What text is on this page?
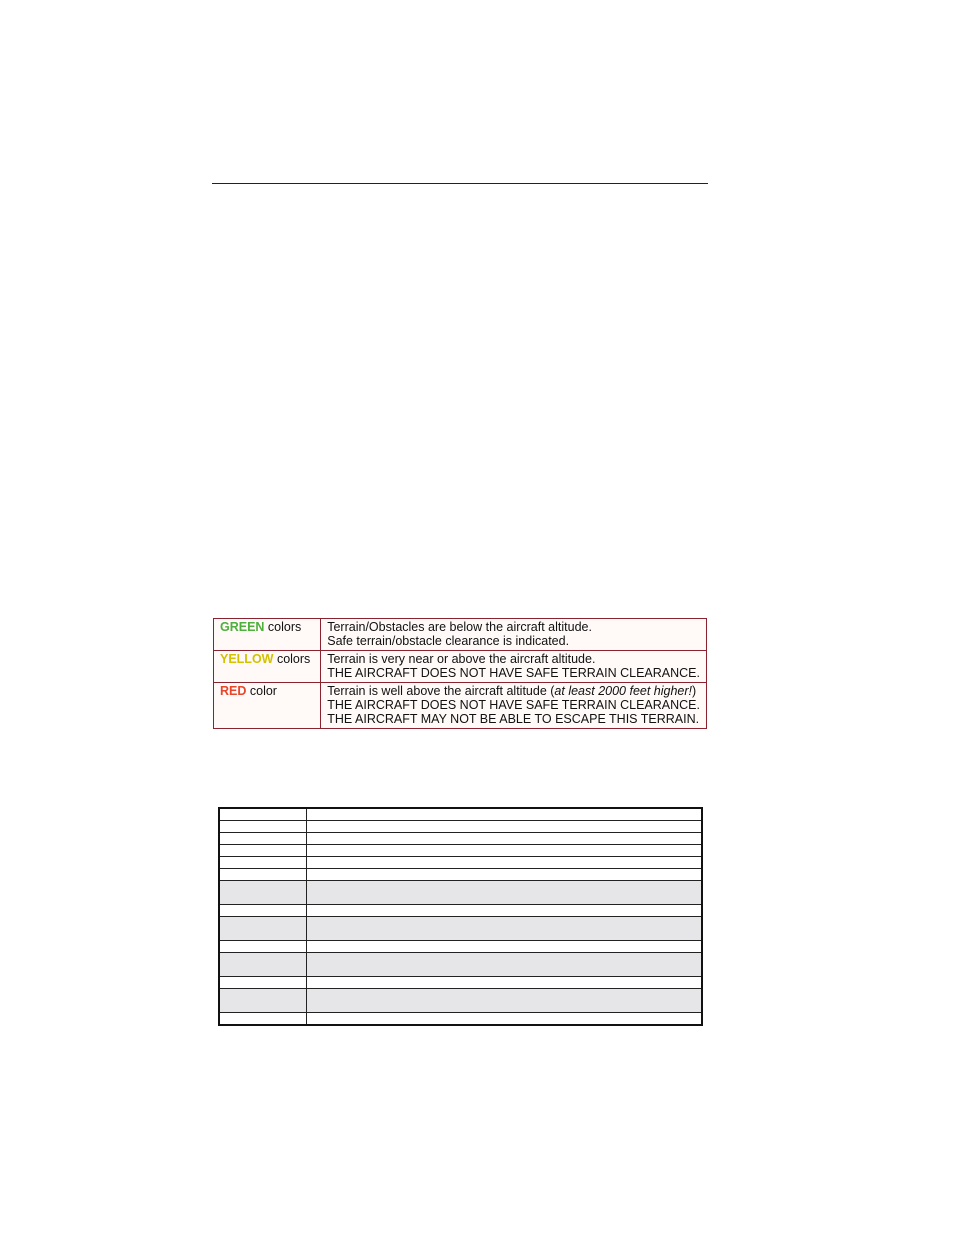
GREEN colors	Terrain/Obstacles are below the aircraft altitude.
Safe terrain/obstacle clearance is indicated.

YELLOW colors	Terrain is very near or above the aircraft altitude.
THE AIRCRAFT DOES NOT HAVE SAFE TERRAIN CLEARANCE.

RED color	Terrain is well above the aircraft altitude (at least 2000 feet higher!)
THE AIRCRAFT DOES NOT HAVE SAFE TERRAIN CLEARANCE.
THE AIRCRAFT MAY NOT BE ABLE TO ESCAPE THIS TERRAIN.
